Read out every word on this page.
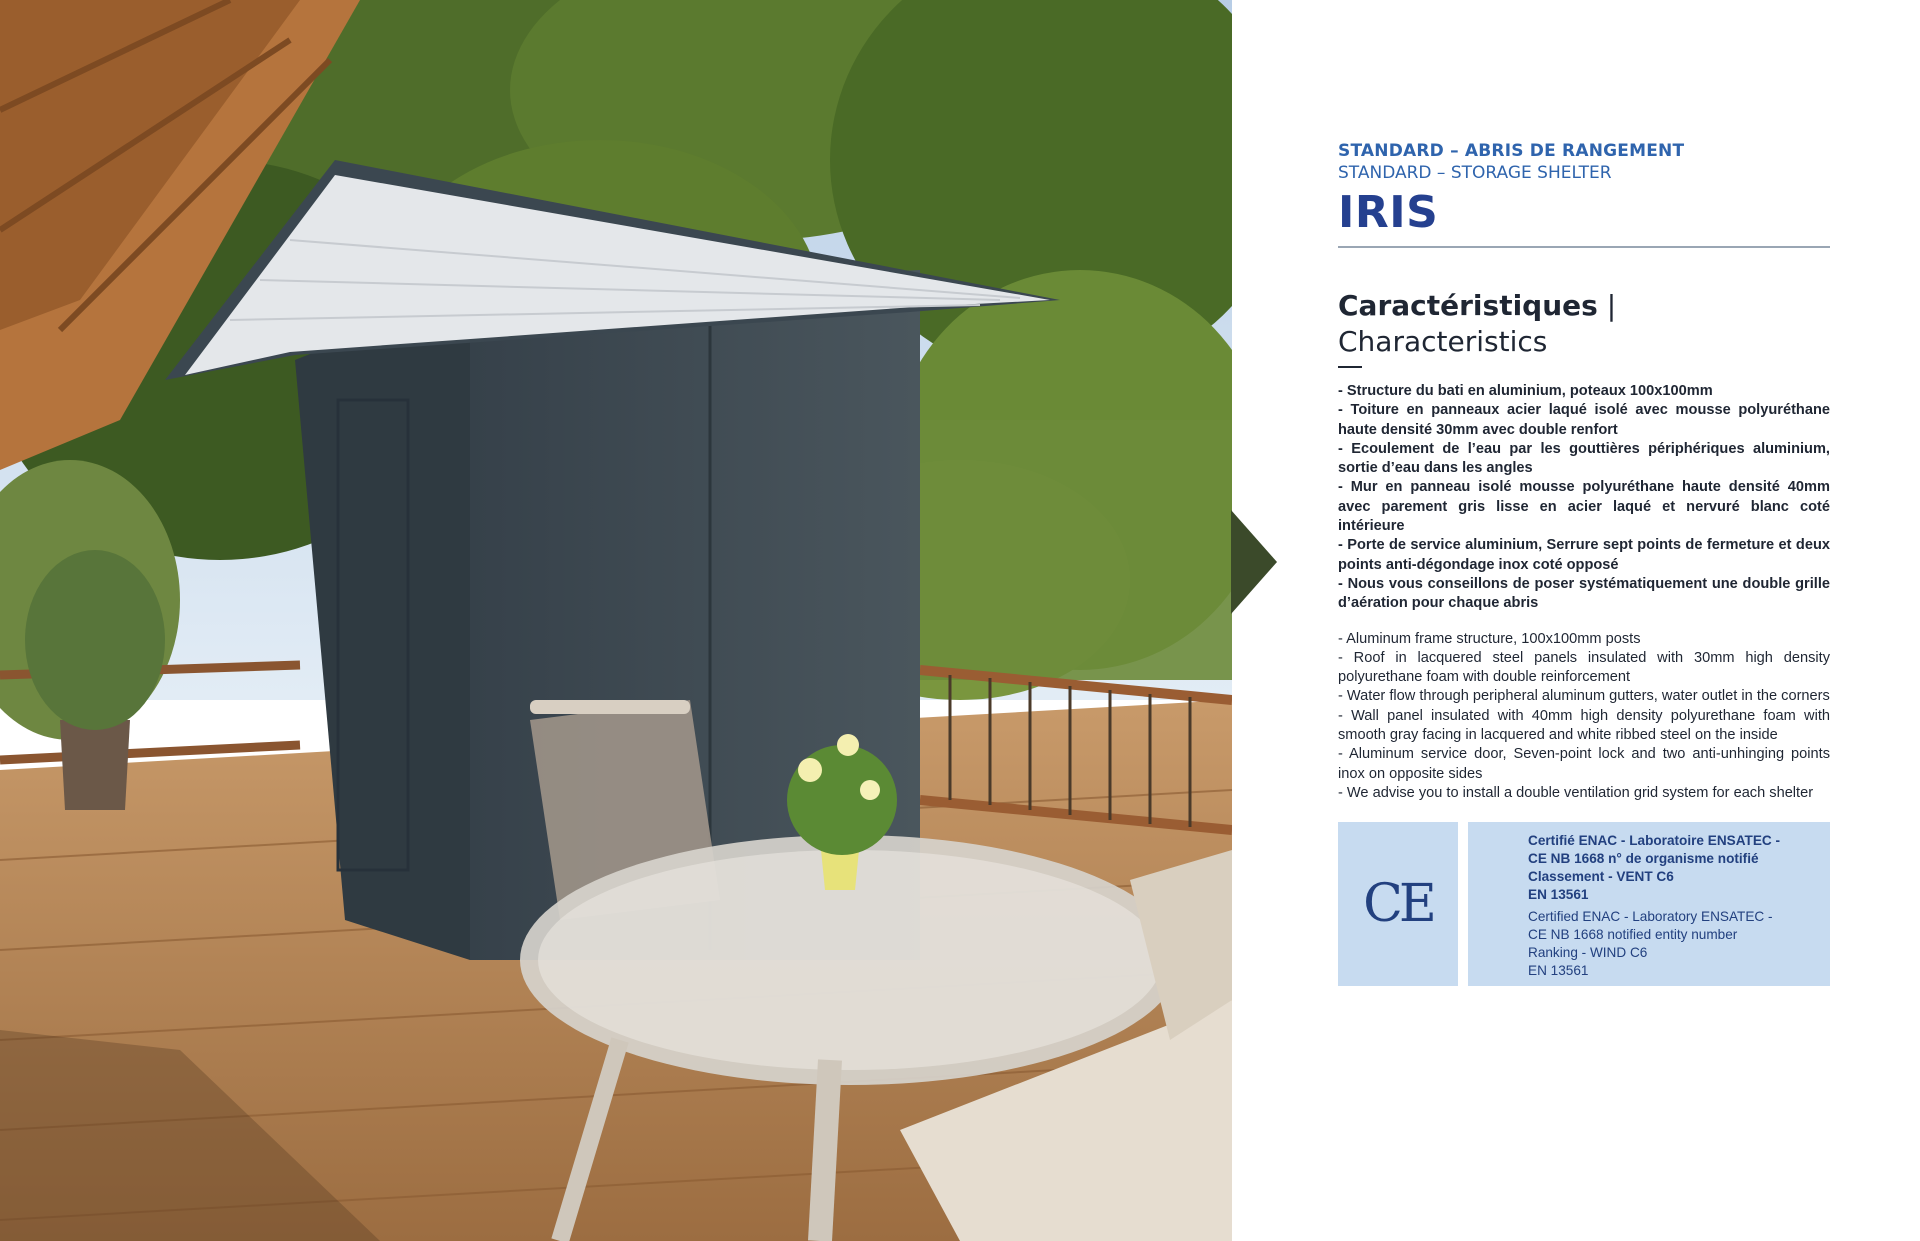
STANDARD – ABRIS DE RANGEMENT

STANDARD – STORAGE SHELTER

IRIS
Caractéristiques | Characteristics
- Structure du bati en aluminium, poteaux 100x100mm
- Toiture en panneaux acier laqué isolé avec mousse polyuréthane haute densité 30mm avec double renfort
- Ecoulement de l’eau par les gouttières périphériques aluminium, sortie d’eau dans les angles
- Mur en panneau isolé mousse polyuréthane haute densité 40mm avec parement gris lisse en acier laqué et nervuré blanc coté intérieure
- Porte de service aluminium, Serrure sept points de fermeture et deux points anti-dégondage inox coté opposé
- Nous vous conseillons de poser systématiquement une double grille d’aération pour chaque abris
- Aluminum frame structure, 100x100mm posts
- Roof in lacquered steel panels insulated with 30mm high density polyurethane foam with double reinforcement
- Water flow through peripheral aluminum gutters, water outlet in the corners
- Wall panel insulated with 40mm high density polyurethane foam with smooth gray facing in lacquered and white ribbed steel on the inside
- Aluminum service door, Seven-point lock and two anti-unhinging points inox on opposite sides
- We advise you to install a double ventilation grid system for each shelter
CE
Certifié ENAC - Laboratoire ENSATEC -
CE NB 1668 n° de organisme notifié
Classement - VENT C6
EN 13561
Certified ENAC - Laboratory ENSATEC -
CE NB 1668 notified entity number
Ranking - WIND C6
EN 13561
